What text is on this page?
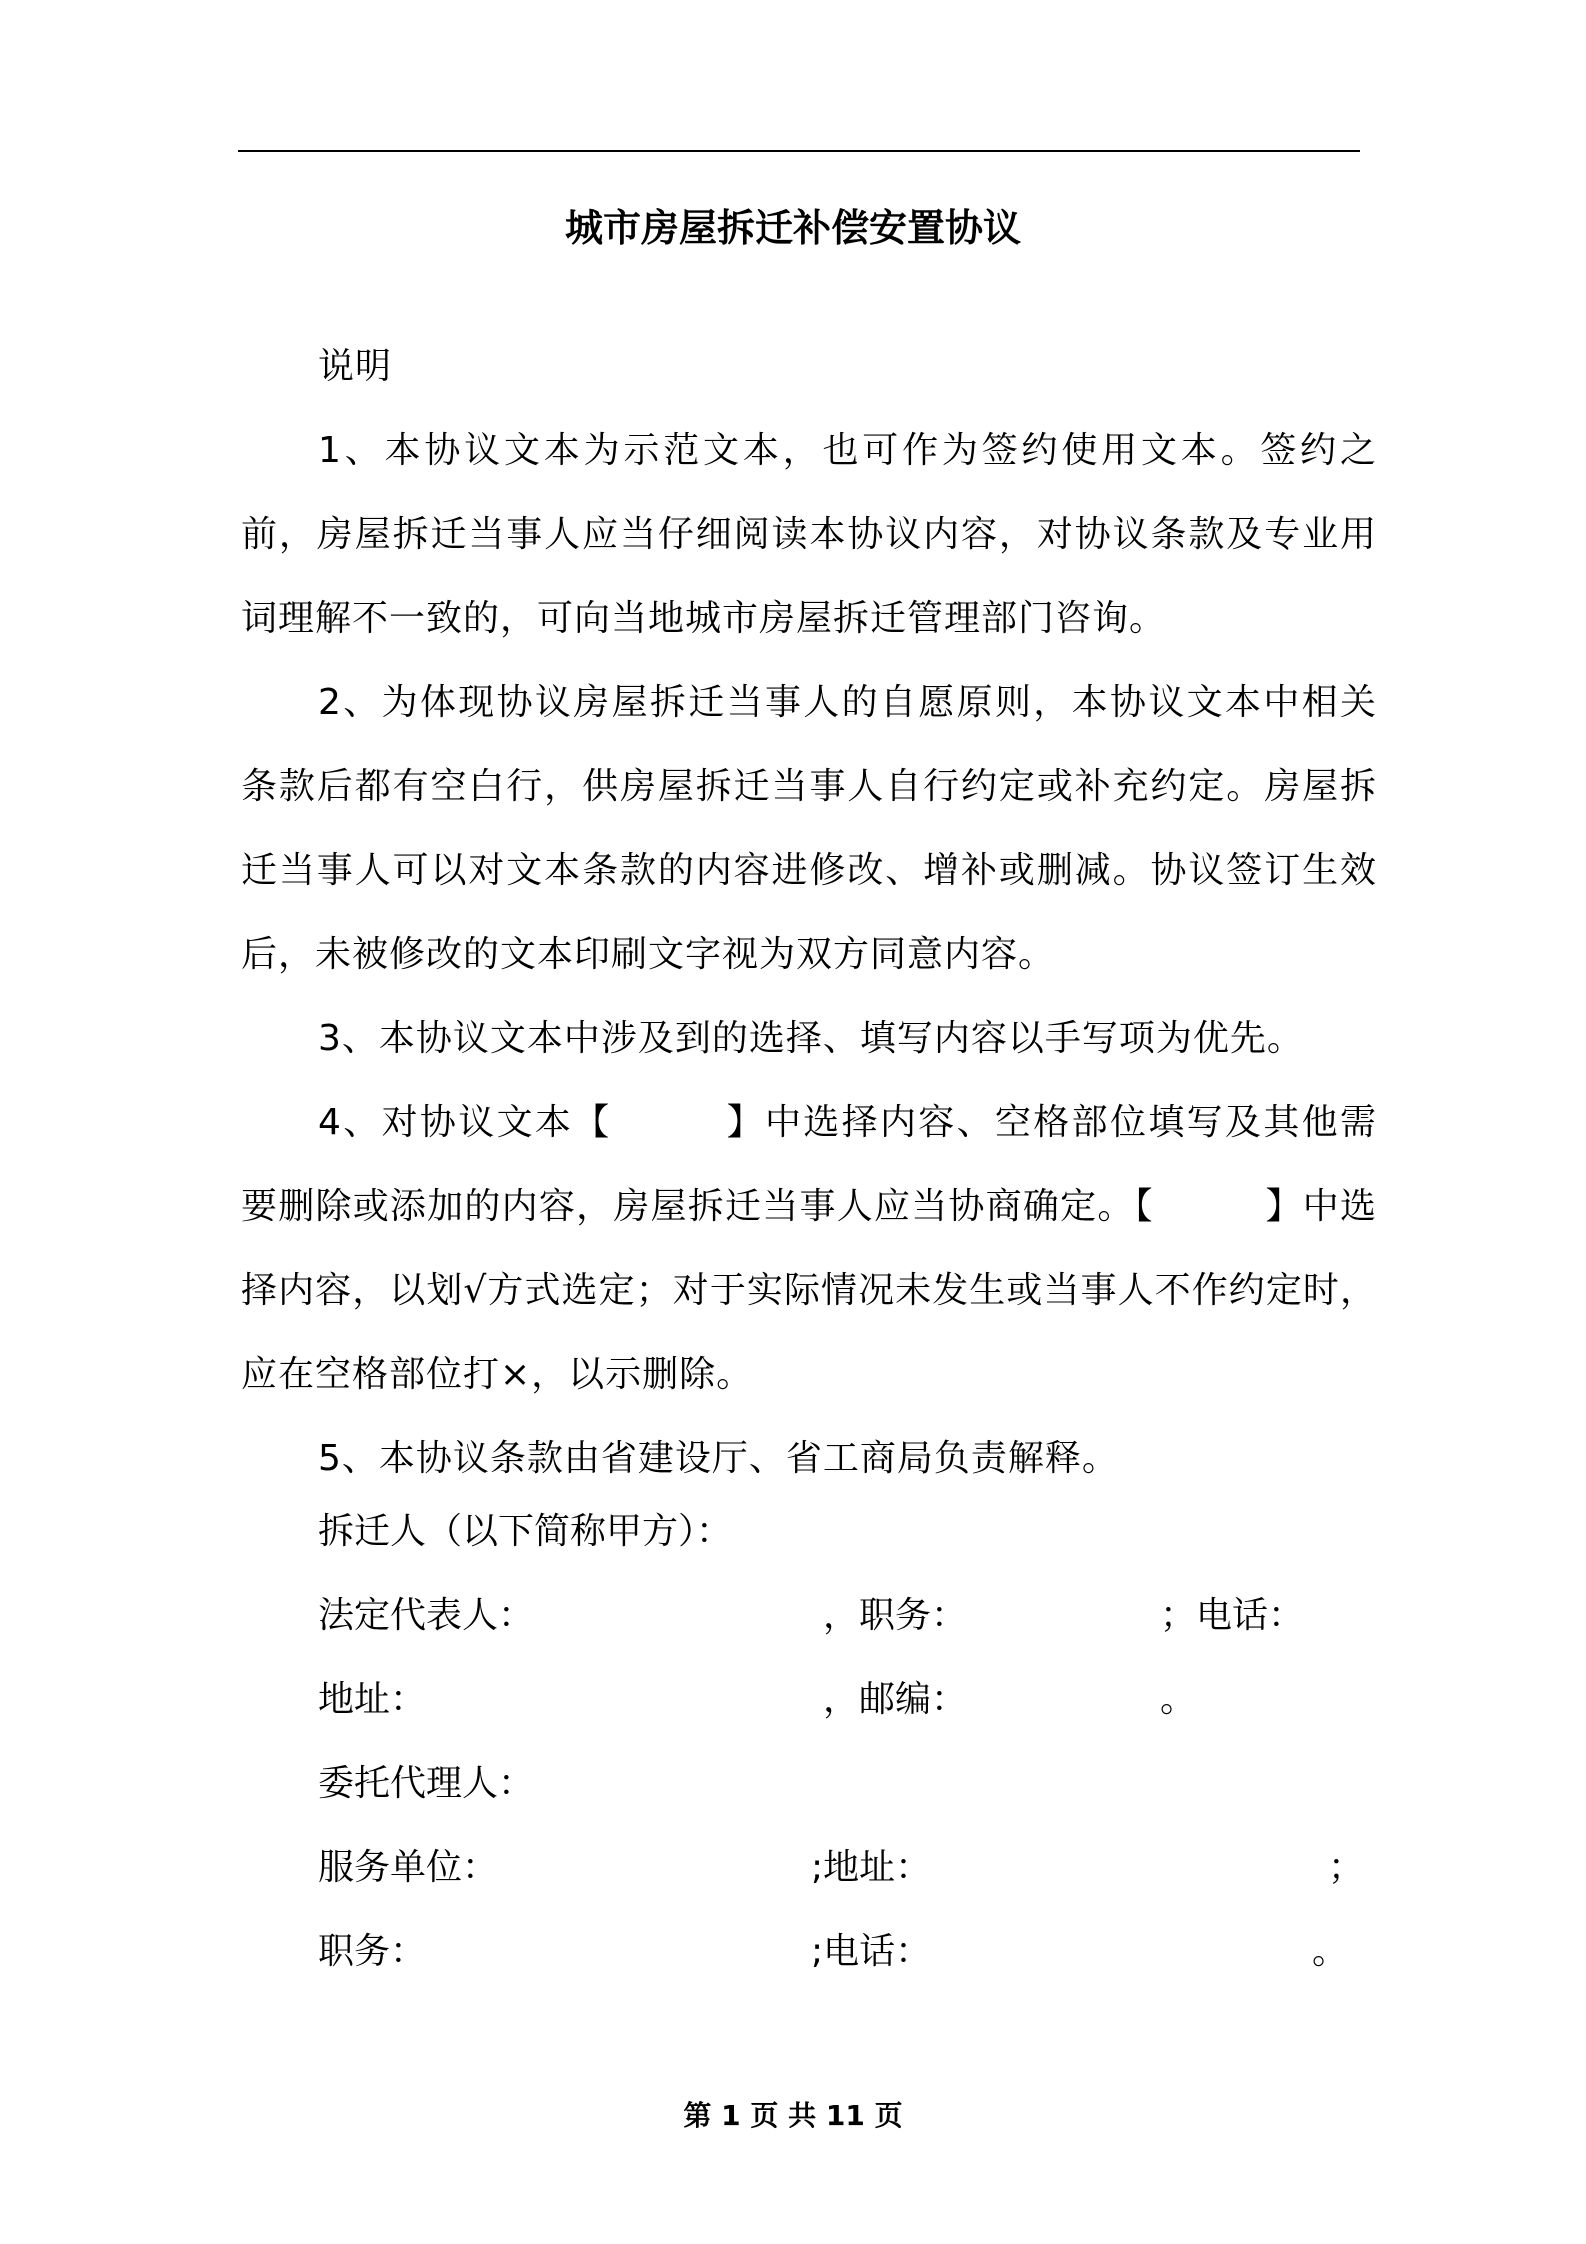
城市房屋拆迁补偿安置协议

说明

1、本协议文本为示范文本，也可作为签约使用文本。签约之前，房屋拆迁当事人应当仔细阅读本协议内容，对协议条款及专业用词理解不一致的，可向当地城市房屋拆迁管理部门咨询。

2、为体现协议房屋拆迁当事人的自愿原则，本协议文本中相关条款后都有空白行，供房屋拆迁当事人自行约定或补充约定。房屋拆迁当事人可以对文本条款的内容进修改、增补或删减。协议签订生效后，未被修改的文本印刷文字视为双方同意内容。

3、本协议文本中涉及到的选择、填写内容以手写项为优先。

4、对协议文本【　　　】中选择内容、空格部位填写及其他需要删除或添加的内容，房屋拆迁当事人应当协商确定。【　　　】中选择内容，以划√方式选定；对于实际情况未发生或当事人不作约定时，应在空格部位打×，以示删除。

5、本协议条款由省建设厅、省工商局负责解释。

拆迁人（以下简称甲方）：
法定代表人：	，职务：	；电话：
地址：	，邮编：	。
委托代理人：
服务单位：	;地址：	；
职务：	;电话：	。
第 1 页 共 11 页
